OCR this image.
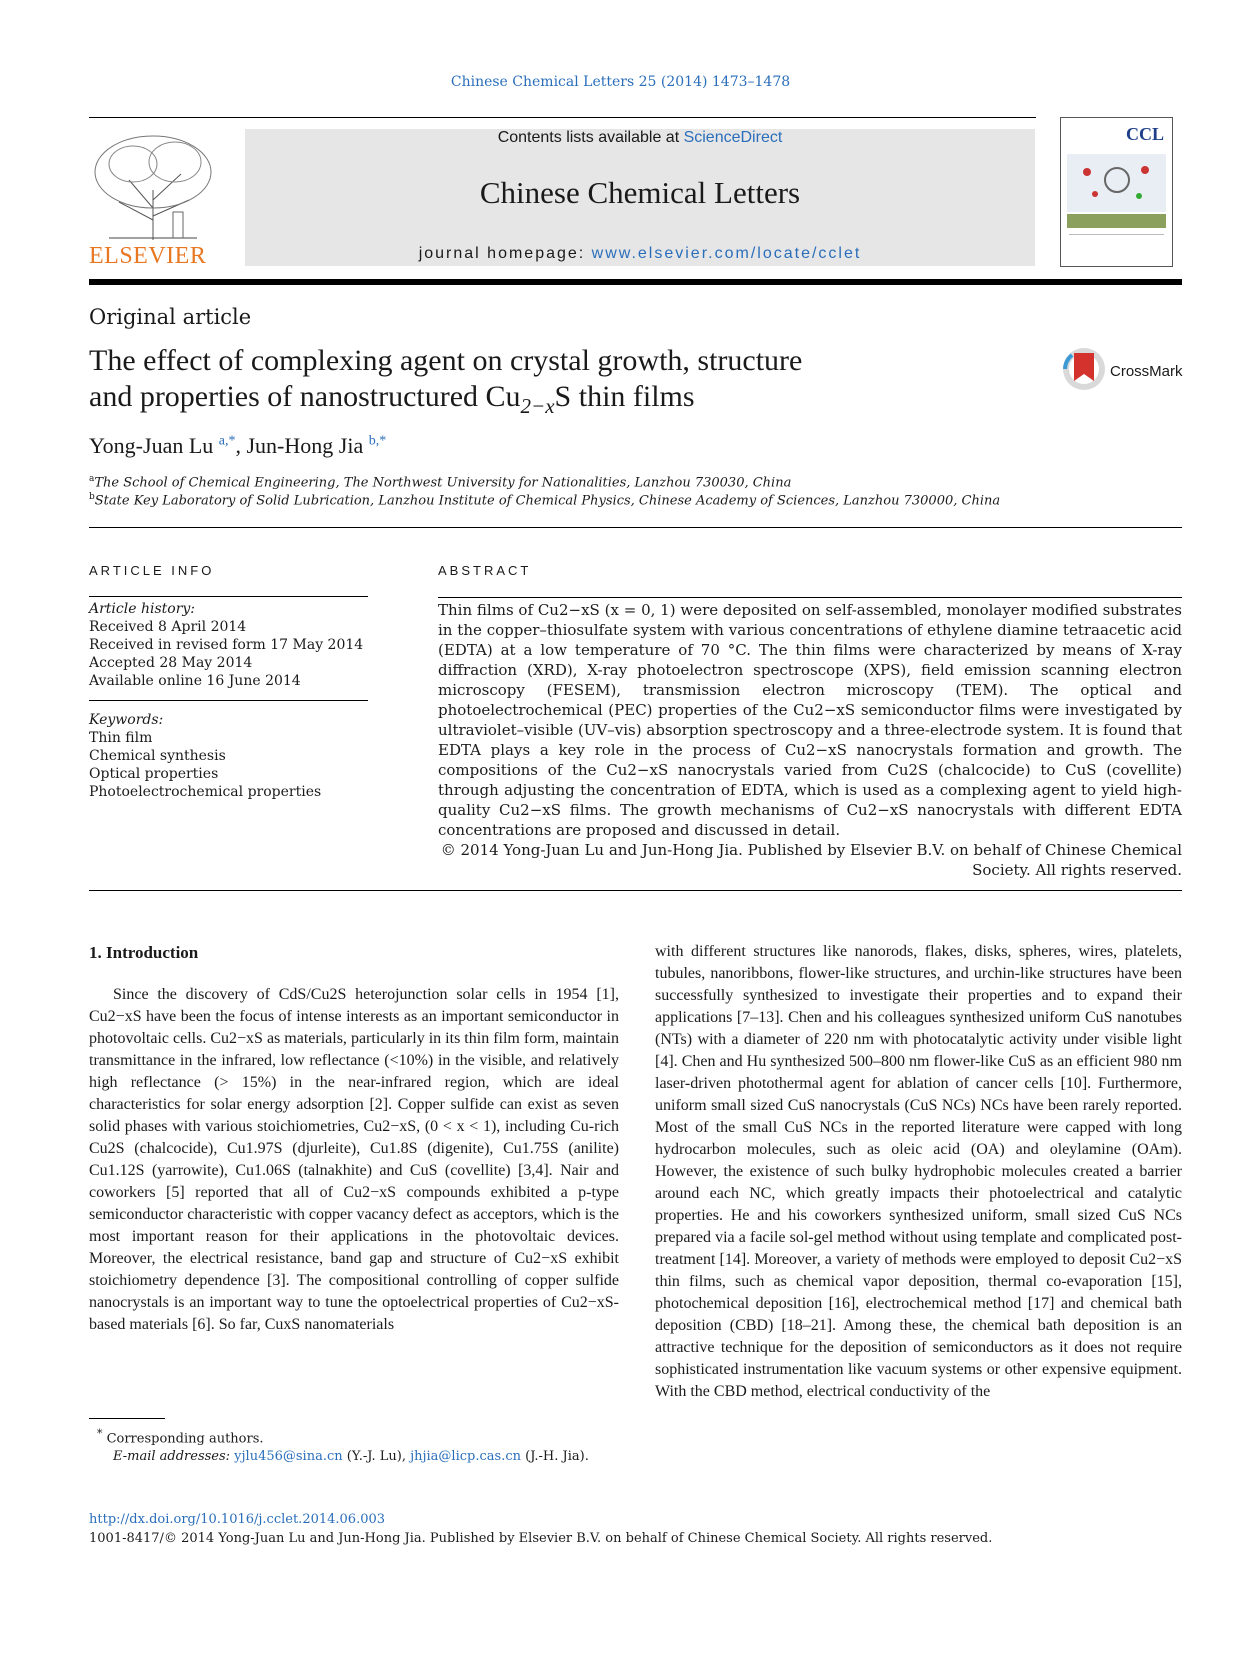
Chinese Chemical Letters 25 (2014) 1473–1478
ELSEVIER
Contents lists available at ScienceDirect
Chinese Chemical Letters
journal homepage: www.elsevier.com/locate/cclet
CCL
Original article
The effect of complexing agent on crystal growth, structure
and properties of nanostructured $Cu_{2-x}S$ thin films
CrossMark
Yong-Juan Lu $^{a,*}$, Jun-Hong Jia $^{b,*}$
$^a$The School of Chemical Engineering, The Northwest University for Nationalities, Lanzhou 730030, China
$^b$State Key Laboratory of Solid Lubrication, Lanzhou Institute of Chemical Physics, Chinese Academy of Sciences, Lanzhou 730000, China
ARTICLE INFO
Article history:
Received 8 April 2014
Received in revised form 17 May 2014
Accepted 28 May 2014
Available online 16 June 2014
Keywords:
Thin film
Chemical synthesis
Optical properties
Photoelectrochemical properties
ABSTRACT
Thin films of Cu2−xS (x = 0, 1) were deposited on self-assembled, monolayer modified substrates in the copper–thiosulfate system with various concentrations of ethylene diamine tetraacetic acid (EDTA) at a low temperature of 70 °C. The thin films were characterized by means of X-ray diffraction (XRD), X-ray photoelectron spectroscope (XPS), field emission scanning electron microscopy (FESEM), transmission electron microscopy (TEM). The optical and photoelectrochemical (PEC) properties of the Cu2−xS semiconductor films were investigated by ultraviolet–visible (UV–vis) absorption spectroscopy and a three-electrode system. It is found that EDTA plays a key role in the process of Cu2−xS nanocrystals formation and growth. The compositions of the Cu2−xS nanocrystals varied from Cu2S (chalcocide) to CuS (covellite) through adjusting the concentration of EDTA, which is used as a complexing agent to yield high-quality Cu2−xS films. The growth mechanisms of Cu2−xS nanocrystals with different EDTA concentrations are proposed and discussed in detail.
© 2014 Yong-Juan Lu and Jun-Hong Jia. Published by Elsevier B.V. on behalf of Chinese Chemical Society. All rights reserved.
1. Introduction

Since the discovery of CdS/Cu2S heterojunction solar cells in 1954 [1], Cu2−xS have been the focus of intense interests as an important semiconductor in photovoltaic cells. Cu2−xS as materials, particularly in its thin film form, maintain transmittance in the infrared, low reflectance (<10%) in the visible, and relatively high reflectance (> 15%) in the near-infrared region, which are ideal characteristics for solar energy adsorption [2]. Copper sulfide can exist as seven solid phases with various stoichiometries, Cu2−xS, (0 < x < 1), including Cu-rich Cu2S (chalcocide), Cu1.97S (djurleite), Cu1.8S (digenite), Cu1.75S (anilite) Cu1.12S (yarrowite), Cu1.06S (talnakhite) and CuS (covellite) [3,4]. Nair and coworkers [5] reported that all of Cu2−xS compounds exhibited a p-type semiconductor characteristic with copper vacancy defect as acceptors, which is the most important reason for their applications in the photovoltaic devices. Moreover, the electrical resistance, band gap and structure of Cu2−xS exhibit stoichiometry dependence [3]. The compositional controlling of copper sulfide nanocrystals is an important way to tune the optoelectrical properties of Cu2−xS-based materials [6]. So far, CuxS nanomaterials

with different structures like nanorods, flakes, disks, spheres, wires, platelets, tubules, nanoribbons, flower-like structures, and urchin-like structures have been successfully synthesized to investigate their properties and to expand their applications [7–13]. Chen and his colleagues synthesized uniform CuS nanotubes (NTs) with a diameter of 220 nm with photocatalytic activity under visible light [4]. Chen and Hu synthesized 500–800 nm flower-like CuS as an efficient 980 nm laser-driven photothermal agent for ablation of cancer cells [10]. Furthermore, uniform small sized CuS nanocrystals (CuS NCs) NCs have been rarely reported. Most of the small CuS NCs in the reported literature were capped with long hydrocarbon molecules, such as oleic acid (OA) and oleylamine (OAm). However, the existence of such bulky hydrophobic molecules created a barrier around each NC, which greatly impacts their photoelectrical and catalytic properties. He and his coworkers synthesized uniform, small sized CuS NCs prepared via a facile sol-gel method without using template and complicated post-treatment [14]. Moreover, a variety of methods were employed to deposit Cu2−xS thin films, such as chemical vapor deposition, thermal co-evaporation [15], photochemical deposition [16], electrochemical method [17] and chemical bath deposition (CBD) [18–21]. Among these, the chemical bath deposition is an attractive technique for the deposition of semiconductors as it does not require sophisticated instrumentation like vacuum systems or other expensive equipment. With the CBD method, electrical conductivity of the

* Corresponding authors.
E-mail addresses: yjlu456@sina.cn (Y.-J. Lu), jhjia@licp.cas.cn (J.-H. Jia).
http://dx.doi.org/10.1016/j.cclet.2014.06.003
1001-8417/© 2014 Yong-Juan Lu and Jun-Hong Jia. Published by Elsevier B.V. on behalf of Chinese Chemical Society. All rights reserved.
